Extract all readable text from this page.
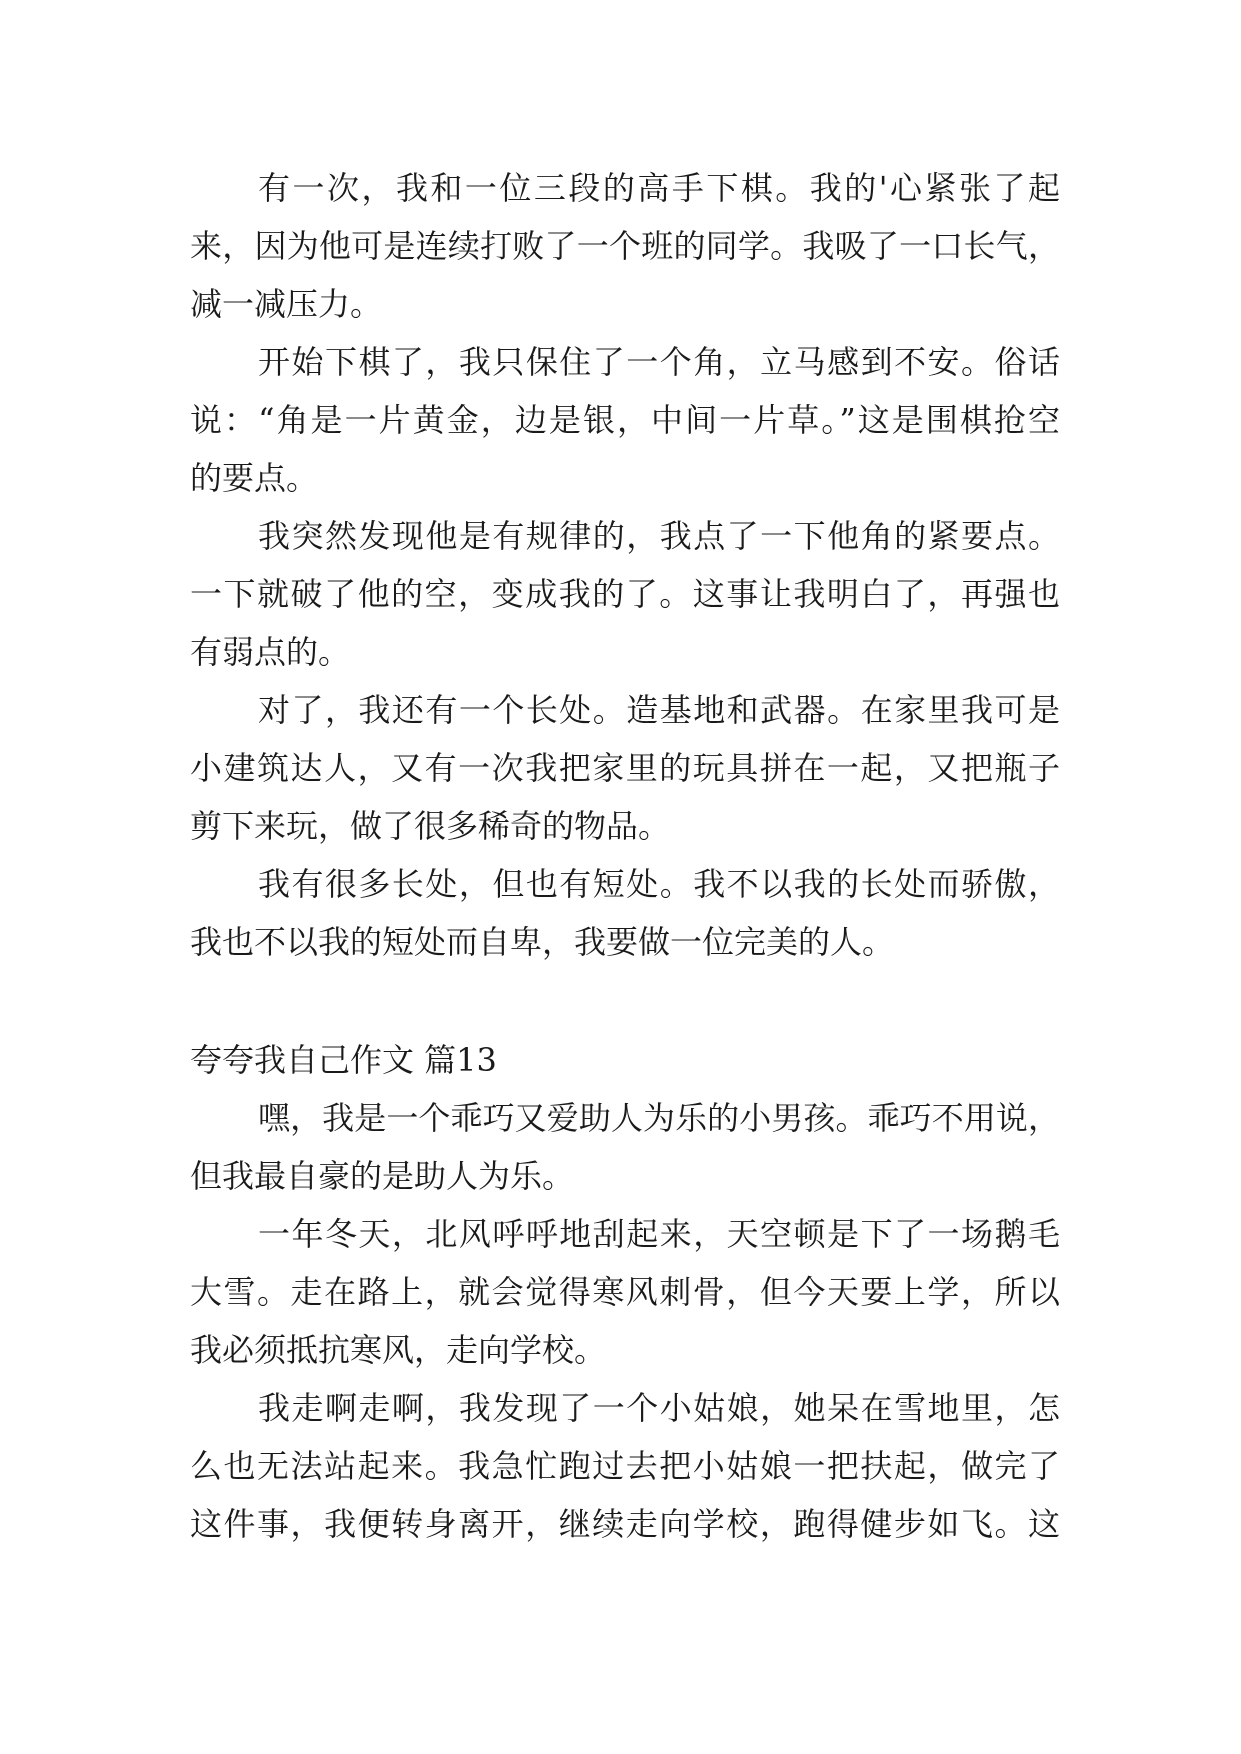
有一次，我和一位三段的高手下棋。我的'心紧张了起
来，因为他可是连续打败了一个班的同学。我吸了一口长气，
减一减压力。
开始下棋了，我只保住了一个角，立马感到不安。俗话
说：“角是一片黄金，边是银，中间一片草。”这是围棋抢空
的要点。
我突然发现他是有规律的，我点了一下他角的紧要点。
一下就破了他的空，变成我的了。这事让我明白了，再强也
有弱点的。
对了，我还有一个长处。造基地和武器。在家里我可是
小建筑达人，又有一次我把家里的玩具拼在一起，又把瓶子
剪下来玩，做了很多稀奇的物品。
我有很多长处，但也有短处。我不以我的长处而骄傲，
我也不以我的短处而自卑，我要做一位完美的人。
夸夸我自己作文 篇13
嘿，我是一个乖巧又爱助人为乐的小男孩。乖巧不用说，
但我最自豪的是助人为乐。
一年冬天，北风呼呼地刮起来，天空顿是下了一场鹅毛
大雪。走在路上，就会觉得寒风刺骨，但今天要上学，所以
我必须抵抗寒风，走向学校。
我走啊走啊，我发现了一个小姑娘，她呆在雪地里，怎
么也无法站起来。我急忙跑过去把小姑娘一把扶起，做完了
这件事，我便转身离开，继续走向学校，跑得健步如飞。这
